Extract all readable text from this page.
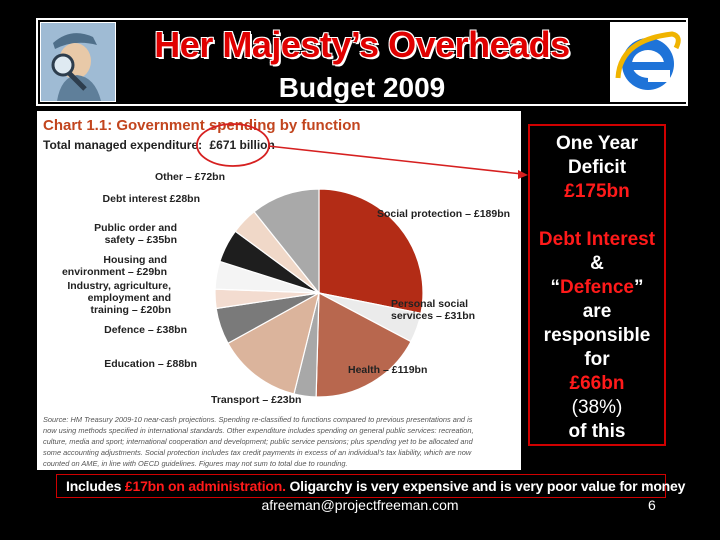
Her Majesty’s Overheads
Budget 2009
Chart 1.1: Government spending by function
Total managed expenditure: £671 billion
Social protection – £189bn
Personal social services – £31bn
Health – £119bn
Transport – £23bn
Education – £88bn
Defence – £38bn
Industry, agriculture, employment and training – £20bn
Housing and environment – £29bn
Public order and safety – £35bn
Debt interest £28bn
Other – £72bn
Source: HM Treasury 2009-10 near-cash projections. Spending re-classified to functions compared to previous presentations and is
now using methods specified in international standards. Other expenditure includes spending on general public services: recreation,
culture, media and sport; international cooperation and development; public service pensions; plus spending yet to be allocated and
some accounting adjustments. Social protection includes tax credit payments in excess of an individual’s tax liability, which are now
counted on AME, in line with OECD guidelines. Figures may not sum to total due to rounding.
One Year
Deficit
£175bn
Debt Interest
&
“Defence”
are
responsible
for
£66bn
(38%)
of this
Includes £17bn on administration. Oligarchy is very expensive and is very poor value for money
afreeman@projectfreeman.com	6
